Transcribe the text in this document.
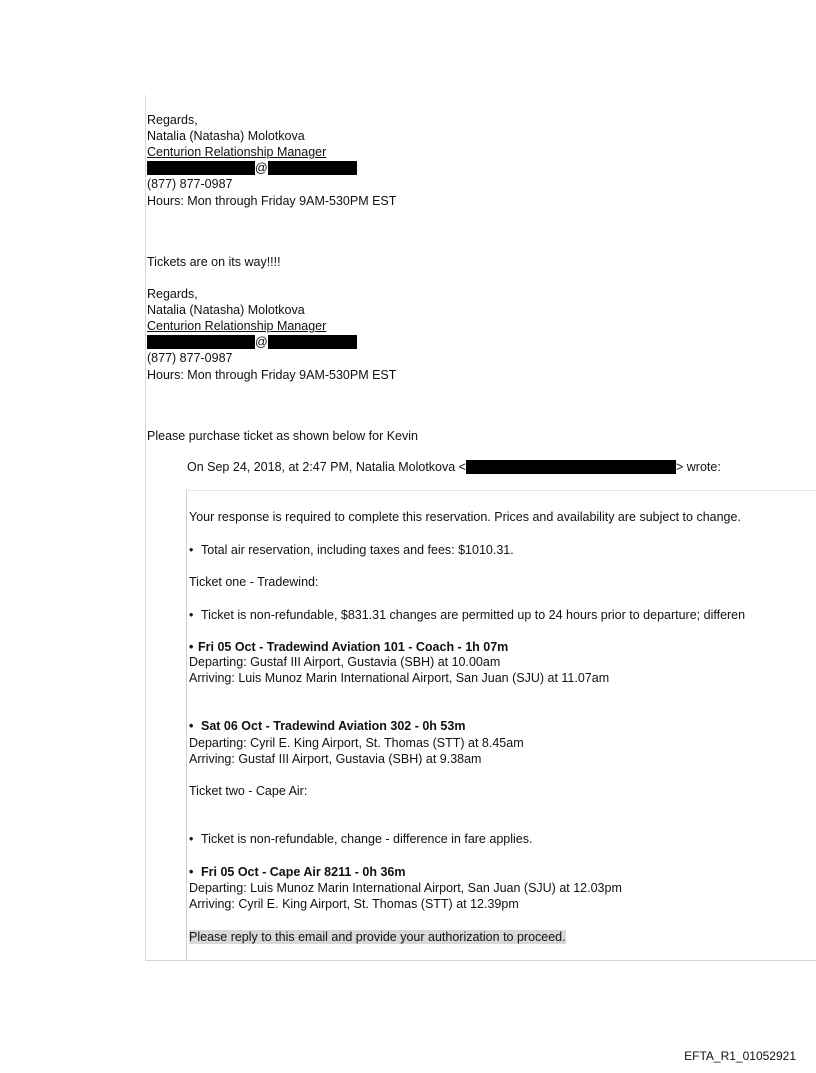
Regards,
Natalia (Natasha) Molotkova
Centurion Relationship Manager
@
(877) 877-0987
Hours: Mon through Friday 9AM-530PM EST
Tickets are on its way!!!!
Regards,
Natalia (Natasha) Molotkova
Centurion Relationship Manager
@
(877) 877-0987
Hours: Mon through Friday 9AM-530PM EST
Please purchase ticket as shown below for Kevin
On Sep 24, 2018, at 2:47 PM, Natalia Molotkova <	> wrote:
Your response is required to complete this reservation. Prices and availability are subject to change.
• Total air reservation, including taxes and fees: $1010.31.
Ticket one - Tradewind:
• Ticket is non-refundable, $831.31 changes are permitted up to 24 hours prior to departure; differen
• Fri 05 Oct - Tradewind Aviation 101 - Coach - 1h 07m
Departing: Gustaf III Airport, Gustavia (SBH) at 10.00am
Arriving: Luis Munoz Marin International Airport, San Juan (SJU) at 11.07am
• Sat 06 Oct - Tradewind Aviation 302 - 0h 53m
Departing: Cyril E. King Airport, St. Thomas (STT) at 8.45am
Arriving: Gustaf III Airport, Gustavia (SBH) at 9.38am
Ticket two - Cape Air:
• Ticket is non-refundable, change - difference in fare applies.
• Fri 05 Oct - Cape Air 8211 - 0h 36m
Departing: Luis Munoz Marin International Airport, San Juan (SJU) at 12.03pm
Arriving: Cyril E. King Airport, St. Thomas (STT) at 12.39pm
Please reply to this email and provide your authorization to proceed.
EFTA_R1_01052921
